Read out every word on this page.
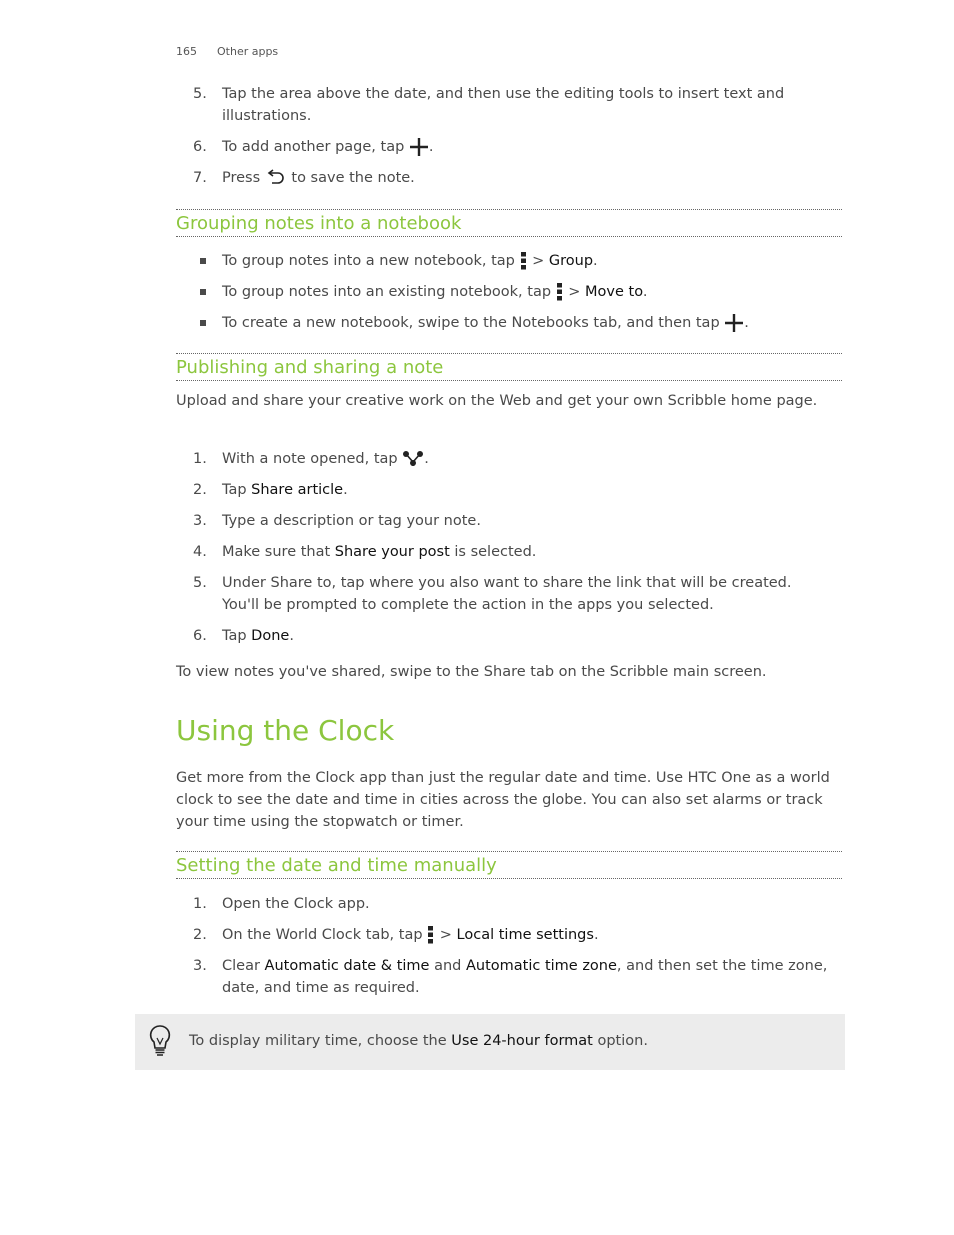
165 Other apps
5.	Tap the area above the date, and then use the editing tools to insert text and illustrations.
6.	To add another page, tap .
7.	Press to save the note.
Grouping notes into a notebook
To group notes into a new notebook, tap > Group.
To group notes into an existing notebook, tap > Move to.
To create a new notebook, swipe to the Notebooks tab, and then tap .
Publishing and sharing a note
Upload and share your creative work on the Web and get your own Scribble home page.
1.	With a note opened, tap .
2.	Tap Share article.
3.	Type a description or tag your note.
4.	Make sure that Share your post is selected.
5.	Under Share to, tap where you also want to share the link that will be created. You'll be prompted to complete the action in the apps you selected.
6.	Tap Done.
To view notes you've shared, swipe to the Share tab on the Scribble main screen.
Using the Clock
Get more from the Clock app than just the regular date and time. Use HTC One as a world clock to see the date and time in cities across the globe. You can also set alarms or track your time using the stopwatch or timer.
Setting the date and time manually
1.	Open the Clock app.
2.	On the World Clock tab, tap > Local time settings.
3.	Clear Automatic date & time and Automatic time zone, and then set the time zone, date, and time as required.
To display military time, choose the Use 24-hour format option.
